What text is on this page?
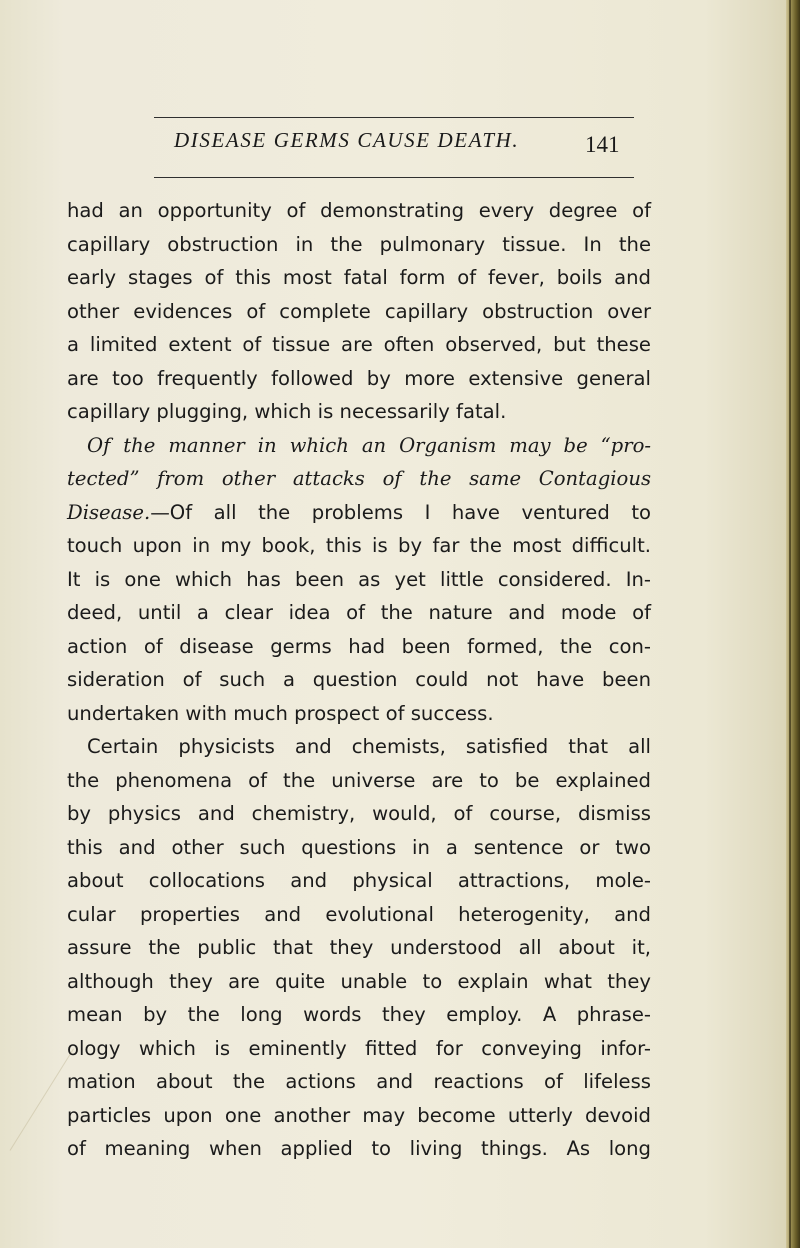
DISEASE GERMS CAUSE DEATH.	141
had an opportunity of demonstrating every degree of
capillary obstruction in the pulmonary tissue. In the
early stages of this most fatal form of fever, boils and
other evidences of complete capillary obstruction over
a limited extent of tissue are often observed, but these
are too frequently followed by more extensive general
capillary plugging, which is necessarily fatal.
Of the manner in which an Organism may be “pro-
tected” from other attacks of the same Contagious
Disease.—Of all the problems I have ventured to
touch upon in my book, this is by far the most difficult.
It is one which has been as yet little considered. In-
deed, until a clear idea of the nature and mode of
action of disease germs had been formed, the con-
sideration of such a question could not have been
undertaken with much prospect of success.
Certain physicists and chemists, satisfied that all
the phenomena of the universe are to be explained
by physics and chemistry, would, of course, dismiss
this and other such questions in a sentence or two
about collocations and physical attractions, mole-
cular properties and evolutional heterogenity, and
assure the public that they understood all about it,
although they are quite unable to explain what they
mean by the long words they employ. A phrase-
ology which is eminently fitted for conveying infor-
mation about the actions and reactions of lifeless
particles upon one another may become utterly devoid
of meaning when applied to living things. As long
